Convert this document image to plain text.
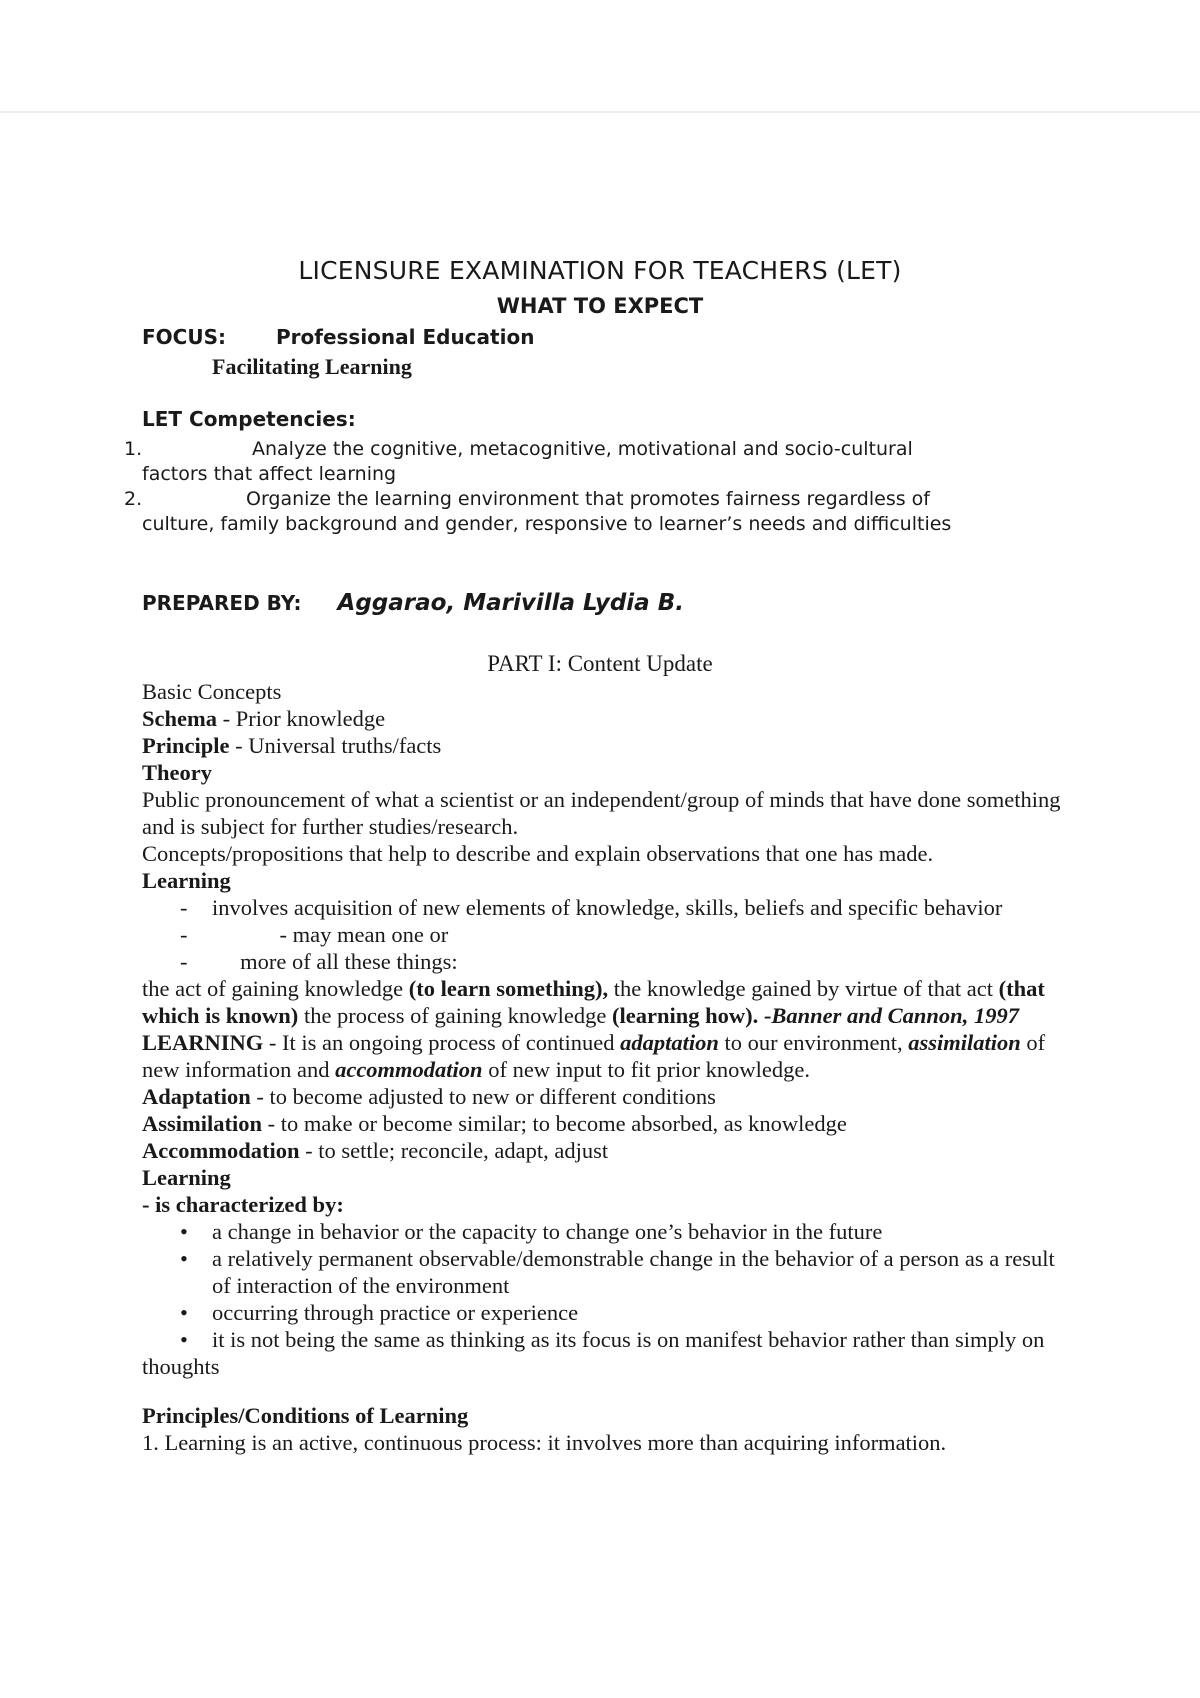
LICENSURE EXAMINATION FOR TEACHERS (LET)
WHAT TO EXPECT
FOCUS:	Professional Education
Facilitating Learning
LET Competencies:
1.	Analyze the cognitive, metacognitive, motivational and socio-cultural
factors that affect learning
2.	Organize the learning environment that promotes fairness regardless of
culture, family background and gender, responsive to learner’s needs and difficulties
PREPARED BY: Aggarao, Marivilla Lydia B.
PART I: Content Update

Basic Concepts

Schema - Prior knowledge

Principle - Universal truths/facts

Theory

Public pronouncement of what a scientist or an independent/group of minds that have done something and is subject for further studies/research.

Concepts/propositions that help to describe and explain observations that one has made.

Learning

- involves acquisition of new elements of knowledge, skills, beliefs and specific behavior
- - may mean one or
- more of all these things:

the act of gaining knowledge (to learn something), the knowledge gained by virtue of that act (that which is known) the process of gaining knowledge (learning how). -Banner and Cannon, 1997

LEARNING - It is an ongoing process of continued adaptation to our environment, assimilation of new information and accommodation of new input to fit prior knowledge.

Adaptation - to become adjusted to new or different conditions

Assimilation - to make or become similar; to become absorbed, as knowledge

Accommodation - to settle; reconcile, adapt, adjust

Learning

- is characterized by:

• a change in behavior or the capacity to change one’s behavior in the future
• a relatively permanent observable/demonstrable change in the behavior of a person as a result of interaction of the environment
• occurring through practice or experience
• it is not being the same as thinking as its focus is on manifest behavior rather than simply on

thoughts

Principles/Conditions of Learning

1. Learning is an active, continuous process: it involves more than acquiring information.
